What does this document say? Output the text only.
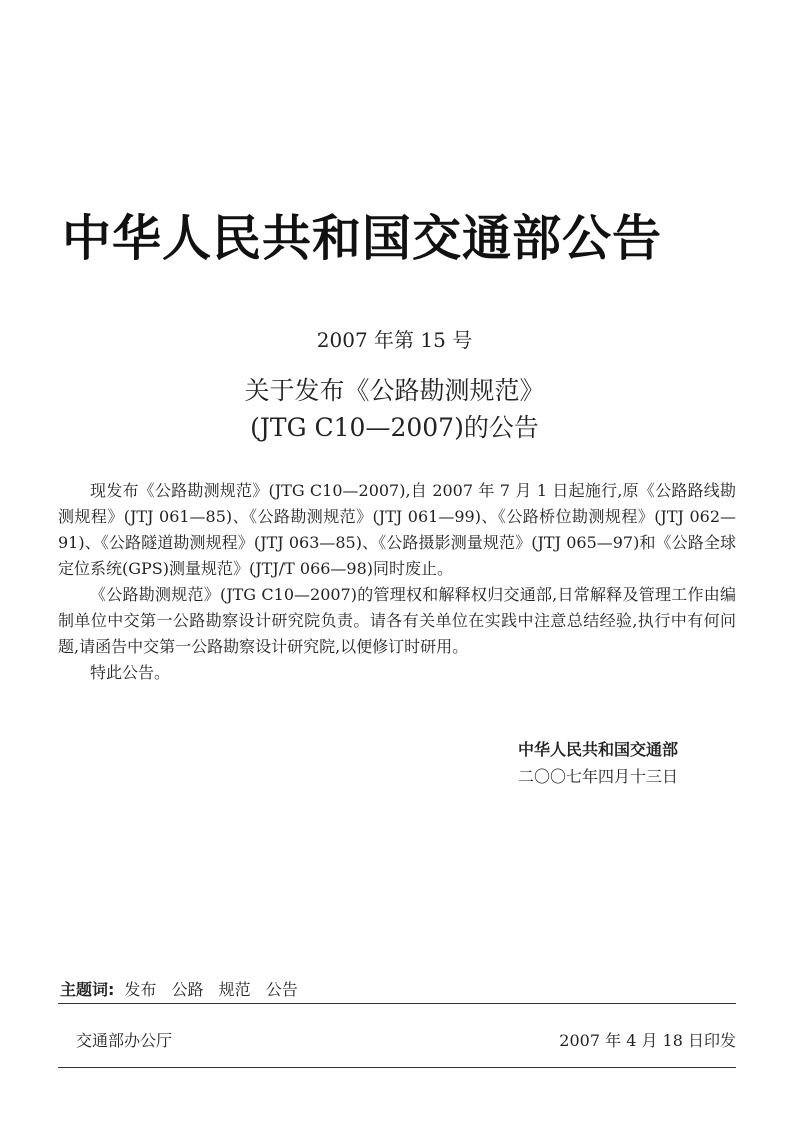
中华人民共和国交通部公告
2007 年第 15 号
关于发布《公路勘测规范》
(JTG C10—2007)的公告

现发布《公路勘测规范》(JTG C10—2007),自 2007 年 7 月 1 日起施行,原《公路路线勘测规程》(JTJ 061—85)、《公路勘测规范》(JTJ 061—99)、《公路桥位勘测规程》(JTJ 062—91)、《公路隧道勘测规程》(JTJ 063—85)、《公路摄影测量规范》(JTJ 065—97)和《公路全球定位系统(GPS)测量规范》(JTJ/T 066—98)同时废止。

《公路勘测规范》(JTG C10—2007)的管理权和解释权归交通部,日常解释及管理工作由编制单位中交第一公路勘察设计研究院负责。请各有关单位在实践中注意总结经验,执行中有何问题,请函告中交第一公路勘察设计研究院,以便修订时研用。

特此公告。

中华人民共和国交通部
二〇〇七年四月十三日
主题词: 发布 公路 规范 公告
交通部办公厅	2007 年 4 月 18 日印发
